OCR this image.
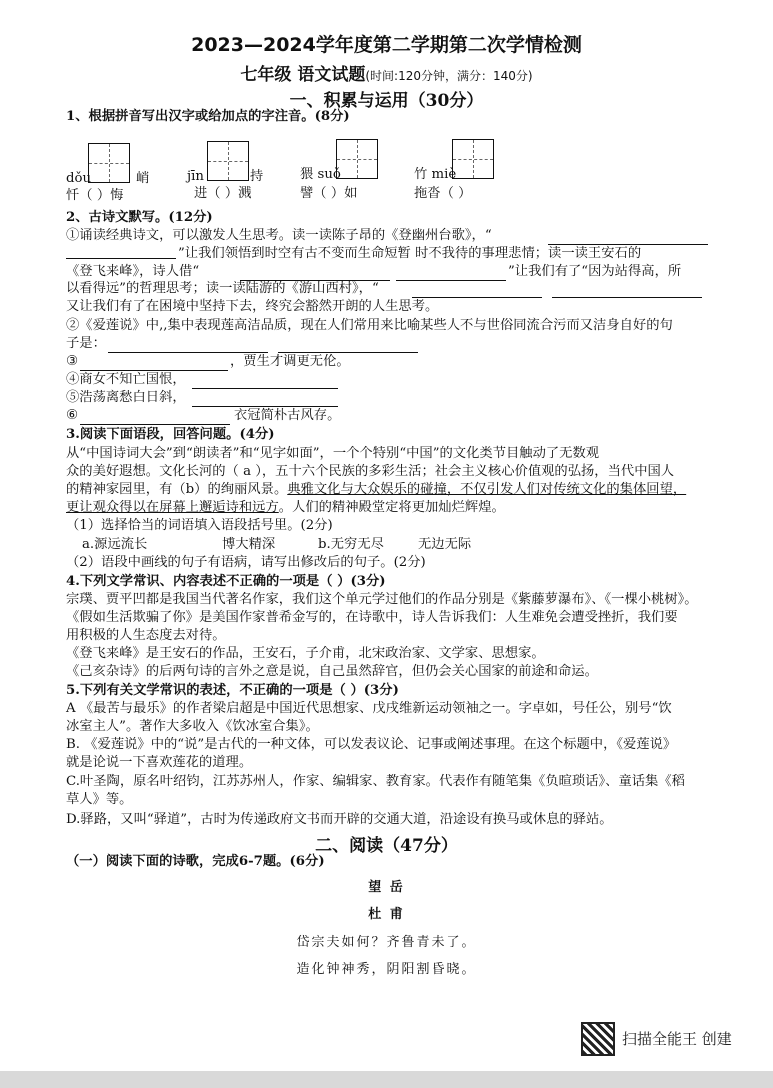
2023—2024学年度第二学期第二次学情检测
七年级 语文试题(时间:120分钟，满分：140分)
一、积累与运用（30分）
1、根据拼音写出汉字或给加点的字注音。(8分)
dǒu	峭	jīn	持	猥 suǒ	竹 miè
忏（ ）悔	进（ ）溅	譬（ ）如	拖沓（ ）
2、古诗文默写。(12分)
①诵读经典诗文，可以激发人生思考。读一读陈子昂的《登幽州台歌》，“
”让我们领悟到时空有古不变而生命短暂 时不我待的事理悲情；读一读王安石的
《登飞来峰》，诗人借“	”让我们有了“因为站得高，所
以看得远”的哲理思考；读一读陆游的《游山西村》，“
又让我们有了在困境中坚持下去，终究会豁然开朗的人生思考。
②《爱莲说》中,,集中表现莲高洁品质，现在人们常用来比喻某些人不与世俗同流合污而又洁身自好的句
子是：
③	，贾生才调更无伦。
④商女不知亡国恨，
⑤浩荡离愁白日斜，
⑥	衣冠简朴古风存。
3.阅读下面语段，回答问题。(4分)
从“中国诗词大会”到“朗读者”和“见字如面”，一个个特别“中国”的文化类节目触动了无数观
众的美好遐想。文化长河的（ a ），五十六个民族的多彩生活；社会主义核心价值观的弘扬，当代中国人
的精神家园里，有（b）的绚丽风景。典雅文化与大众娱乐的碰撞，不仅引发人们对传统文化的集体回望，
更让观众得以在屏幕上邂逅诗和远方。人们的精神殿堂定将更加灿烂辉煌。
（1）选择恰当的词语填入语段括号里。(2分)
a.源远流长	博大精深	b.无穷无尽	无边无际
（2）语段中画线的句子有语病，请写出修改后的句子。(2分)
4.下列文学常识、内容表述不正确的一项是（ ）(3分)
宗璞、贾平凹都是我国当代著名作家，我们这个单元学过他们的作品分别是《紫藤萝瀑布》、《一棵小桃树》。
《假如生活欺骗了你》是美国作家普希金写的，在诗歌中，诗人告诉我们：人生难免会遭受挫折，我们要
用积极的人生态度去对待。
《登飞来峰》是王安石的作品，王安石，子介甫，北宋政治家、文学家、思想家。
《己亥杂诗》的后两句诗的言外之意是说，自己虽然辞官，但仍会关心国家的前途和命运。
5.下列有关文学常识的表述，不正确的一项是（ ）(3分)
A 《最苦与最乐》的作者梁启超是中国近代思想家、戊戌维新运动领袖之一。字卓如，号任公，别号“饮
冰室主人”。著作大多收入《饮冰室合集》。
B. 《爱莲说》中的“说”是古代的一种文体，可以发表议论、记事或阐述事理。在这个标题中，《爱莲说》
就是论说一下喜欢莲花的道理。
C.叶圣陶，原名叶绍钧，江苏苏州人，作家、编辑家、教育家。代表作有随笔集《负暄琐话》、童话集《稻
草人》等。
D.驿路，又叫“驿道”，古时为传递政府文书而开辟的交通大道，沿途设有换马或休息的驿站。
二、阅读（47分）
（一）阅读下面的诗歌，完成6-7题。(6分)
望 岳
杜 甫
岱宗夫如何？齐鲁青未了。
造化钟神秀，阴阳割昏晓。
扫描全能王 创建
